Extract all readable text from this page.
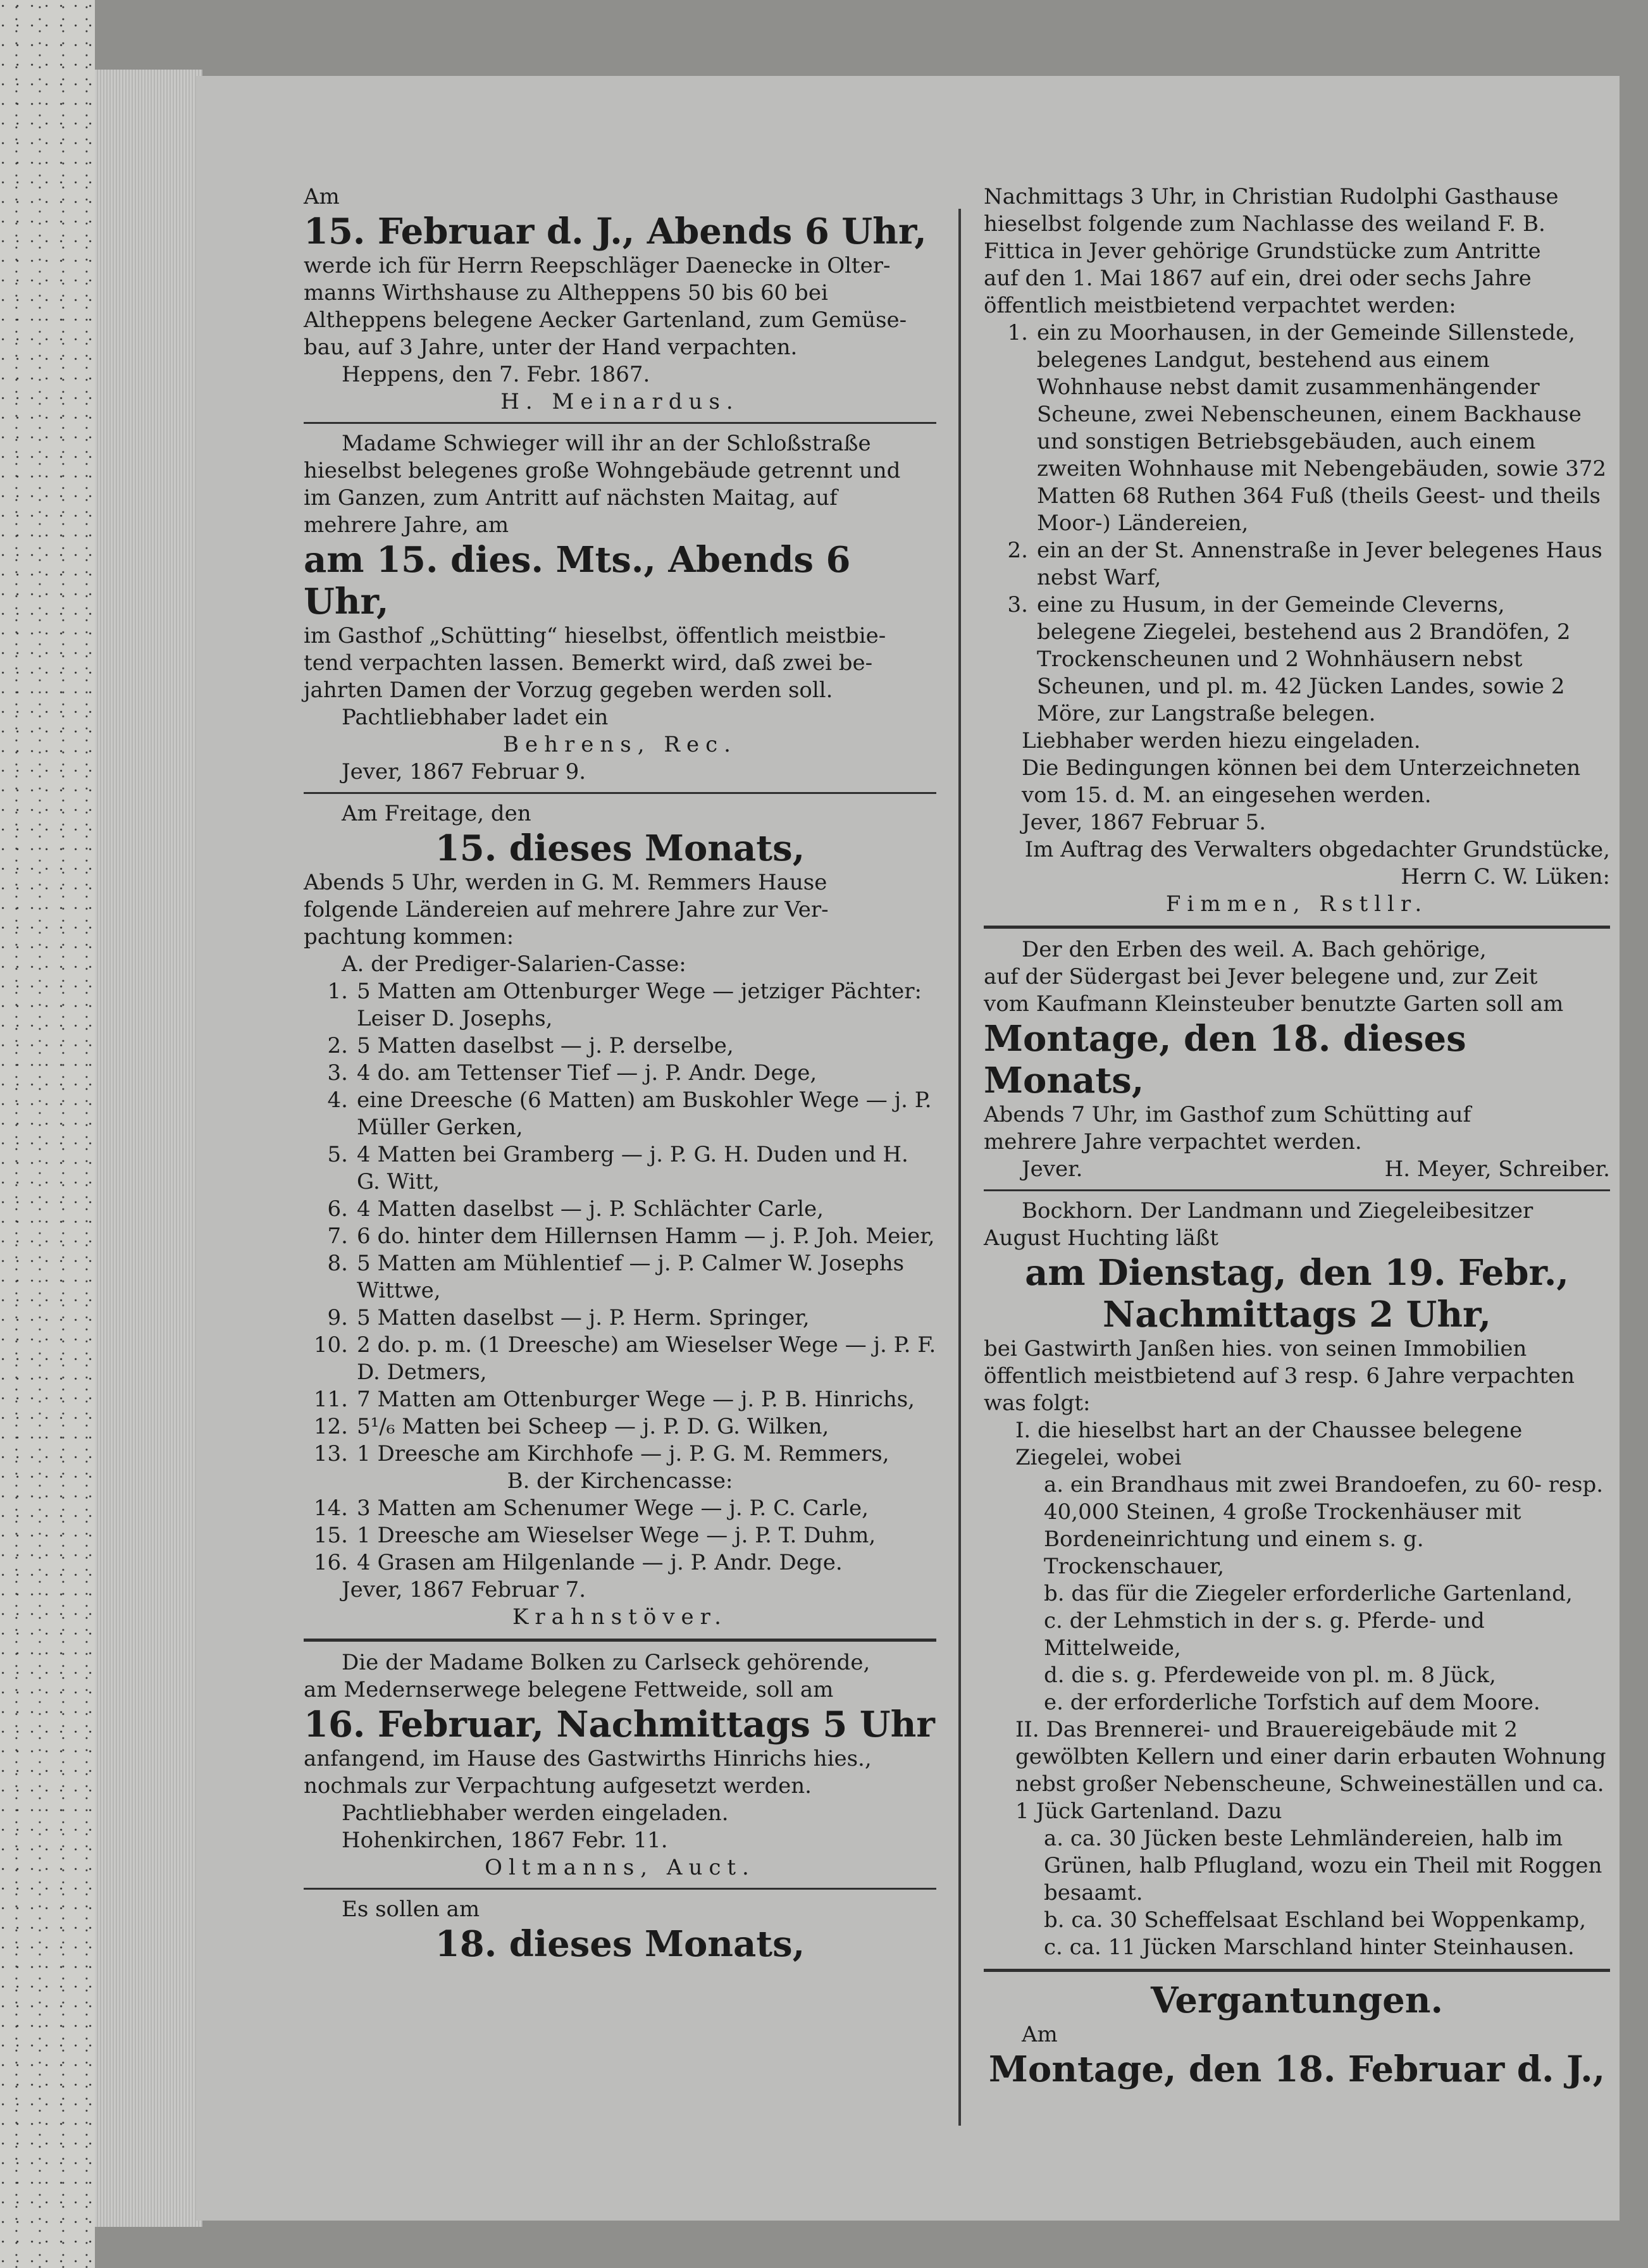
Am

15. Februar d. J., Abends 6 Uhr,

werde ich für Herrn Reepschläger Daenecke in Olter-

manns Wirthshause zu Altheppens 50 bis 60 bei

Altheppens belegene Aecker Gartenland, zum Gemüse-

bau, auf 3 Jahre, unter der Hand verpachten.

Heppens, den 7. Febr. 1867.

H. Meinardus.

Madame Schwieger will ihr an der Schloßstraße

hieselbst belegenes große Wohngebäude getrennt und

im Ganzen, zum Antritt auf nächsten Maitag, auf

mehrere Jahre, am

am 15. dies. Mts., Abends 6 Uhr,

im Gasthof „Schütting“ hieselbst, öffentlich meistbie-

tend verpachten lassen. Bemerkt wird, daß zwei be-

jahrten Damen der Vorzug gegeben werden soll.

Pachtliebhaber ladet ein

Behrens, Rec.

Jever, 1867 Februar 9.

Am Freitage, den

15. dieses Monats,

Abends 5 Uhr, werden in G. M. Remmers Hause

folgende Ländereien auf mehrere Jahre zur Ver-

pachtung kommen:

A. der Prediger-Salarien-Casse:

1. 5 Matten am Ottenburger Wege — jetziger Pächter: Leiser D. Josephs,
2. 5 Matten daselbst — j. P. derselbe,
3. 4 do. am Tettenser Tief — j. P. Andr. Dege,
4. eine Dreesche (6 Matten) am Buskohler Wege — j. P. Müller Gerken,
5. 4 Matten bei Gramberg — j. P. G. H. Duden und H. G. Witt,
6. 4 Matten daselbst — j. P. Schlächter Carle,
7. 6 do. hinter dem Hillernsen Hamm — j. P. Joh. Meier,
8. 5 Matten am Mühlentief — j. P. Calmer W. Josephs Wittwe,
9. 5 Matten daselbst — j. P. Herm. Springer,
10. 2 do. p. m. (1 Dreesche) am Wieselser Wege — j. P. F. D. Detmers,
11. 7 Matten am Ottenburger Wege — j. P. B. Hinrichs,
12. 5¹/₆ Matten bei Scheep — j. P. D. G. Wilken,
13. 1 Dreesche am Kirchhofe — j. P. G. M. Remmers,

B. der Kirchencasse:

14. 3 Matten am Schenumer Wege — j. P. C. Carle,
15. 1 Dreesche am Wieselser Wege — j. P. T. Duhm,
16. 4 Grasen am Hilgenlande — j. P. Andr. Dege.

Jever, 1867 Februar 7.

Krahnstöver.

Die der Madame Bolken zu Carlseck gehörende,

am Medernserwege belegene Fettweide, soll am

16. Februar, Nachmittags 5 Uhr

anfangend, im Hause des Gastwirths Hinrichs hies.,

nochmals zur Verpachtung aufgesetzt werden.

Pachtliebhaber werden eingeladen.

Hohenkirchen, 1867 Febr. 11.

Oltmanns, Auct.

Es sollen am

18. dieses Monats,

Nachmittags 3 Uhr, in Christian Rudolphi Gasthause

hieselbst folgende zum Nachlasse des weiland F. B.

Fittica in Jever gehörige Grundstücke zum Antritte

auf den 1. Mai 1867 auf ein, drei oder sechs Jahre

öffentlich meistbietend verpachtet werden:

1. ein zu Moorhausen, in der Gemeinde Sillenstede, belegenes Landgut, bestehend aus einem Wohnhause nebst damit zusammenhängender Scheune, zwei Nebenscheunen, einem Backhause und sonstigen Betriebsgebäuden, auch einem zweiten Wohnhause mit Nebengebäuden, sowie 372 Matten 68 Ruthen 364 Fuß (theils Geest- und theils Moor-) Ländereien,
2. ein an der St. Annenstraße in Jever belegenes Haus nebst Warf,
3. eine zu Husum, in der Gemeinde Cleverns, belegene Ziegelei, bestehend aus 2 Brandöfen, 2 Trockenscheunen und 2 Wohnhäusern nebst Scheunen, und pl. m. 42 Jücken Landes, sowie 2 Möre, zur Langstraße belegen.

Liebhaber werden hiezu eingeladen.

Die Bedingungen können bei dem Unterzeichneten vom 15. d. M. an eingesehen werden.

Jever, 1867 Februar 5.

Im Auftrag des Verwalters obgedachter Grundstücke, Herrn C. W. Lüken:

Fimmen, Rstllr.

Der den Erben des weil. A. Bach gehörige,

auf der Südergast bei Jever belegene und, zur Zeit

vom Kaufmann Kleinsteuber benutzte Garten soll am

Montage, den 18. dieses Monats,

Abends 7 Uhr, im Gasthof zum Schütting auf

mehrere Jahre verpachtet werden.

Jever.	H. Meyer, Schreiber.

Bockhorn. Der Landmann und Ziegeleibesitzer

August Huchting läßt

am Dienstag, den 19. Febr.,

Nachmittags 2 Uhr,

bei Gastwirth Janßen hies. von seinen Immobilien

öffentlich meistbietend auf 3 resp. 6 Jahre verpachten

was folgt:

I. die hieselbst hart an der Chaussee belegene Ziegelei, wobei

a. ein Brandhaus mit zwei Brandoefen, zu 60- resp. 40,000 Steinen, 4 große Trockenhäuser mit Bordeneinrichtung und einem s. g. Trockenschauer,

b. das für die Ziegeler erforderliche Gartenland,

c. der Lehmstich in der s. g. Pferde- und Mittelweide,

d. die s. g. Pferdeweide von pl. m. 8 Jück,

e. der erforderliche Torfstich auf dem Moore.

II. Das Brennerei- und Brauereigebäude mit 2 gewölbten Kellern und einer darin erbauten Wohnung nebst großer Nebenscheune, Schweineställen und ca. 1 Jück Gartenland. Dazu

a. ca. 30 Jücken beste Lehmländereien, halb im Grünen, halb Pflugland, wozu ein Theil mit Roggen besaamt.

b. ca. 30 Scheffelsaat Eschland bei Woppenkamp,

c. ca. 11 Jücken Marschland hinter Steinhausen.

Vergantungen.

Am

Montage, den 18. Februar d. J.,
